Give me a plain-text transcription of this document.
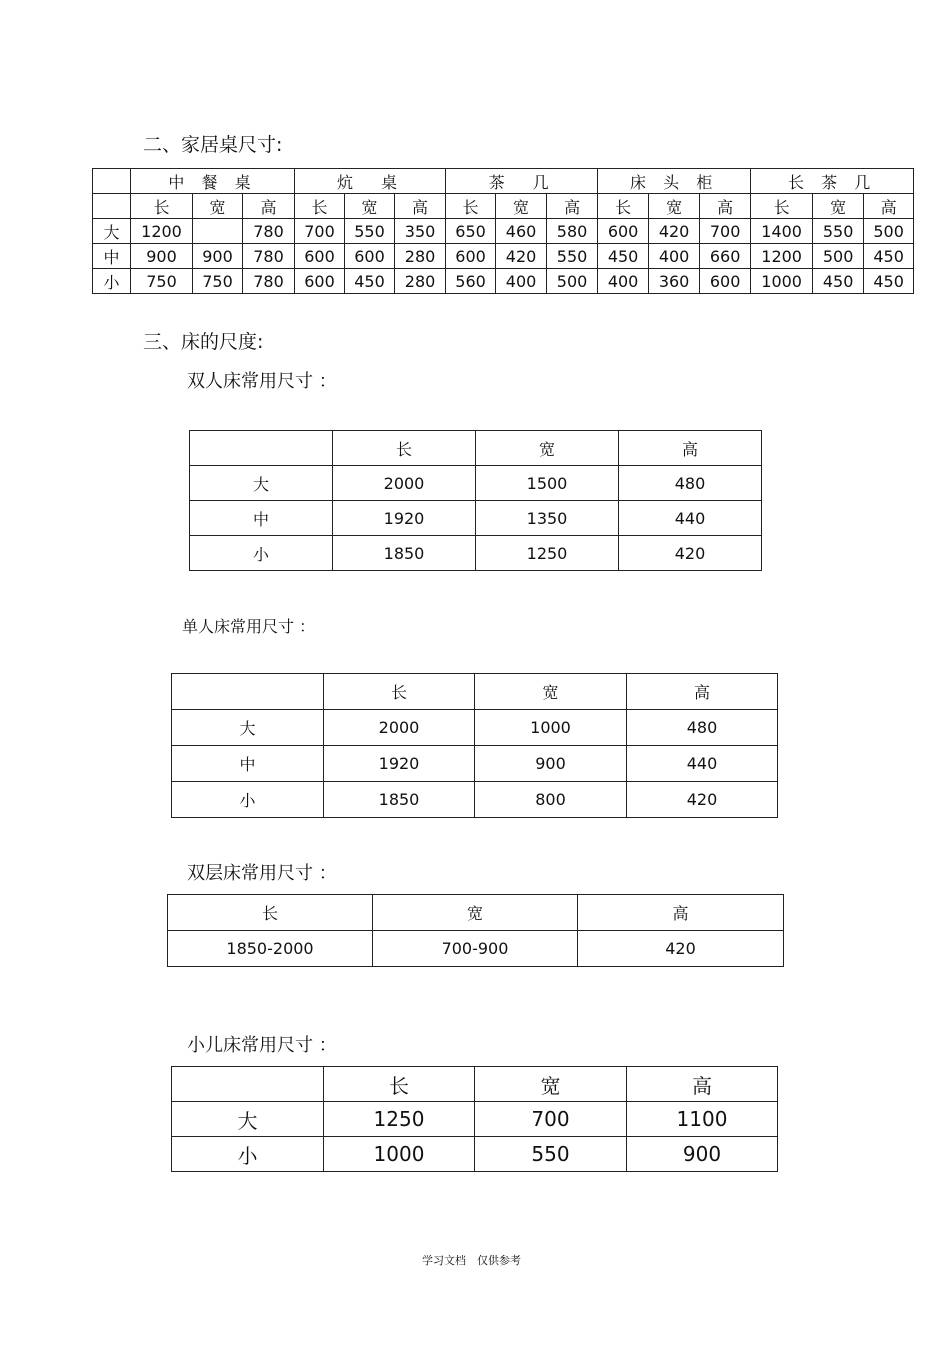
二、家居桌尺寸:
	中 餐 桌			炕　桌			茶　几			床 头 柜			长 茶 几		
	长	宽	高	长	宽	高	长	宽	高	长	宽	高	长	宽	高
大	1200		780	700	550	350	650	460	580	600	420	700	1400	550	500
中	900	900	780	600	600	280	600	420	550	450	400	660	1200	500	450
小	750	750	780	600	450	280	560	400	500	400	360	600	1000	450	450
三、床的尺度:
双人床常用尺寸 ：
	长	宽	高
大	2000	1500	480
中	1920	1350	440
小	1850	1250	420
单人床常用尺寸 ：
	长	宽	高
大	2000	1000	480
中	1920	900	440
小	1850	800	420
双层床常用尺寸 ：
长	宽	高
1850-2000	700-900	420
小儿床常用尺寸 ：
	长	宽	高
大	1250	700	1100
小	1000	550	900
学习文档　仅供参考
